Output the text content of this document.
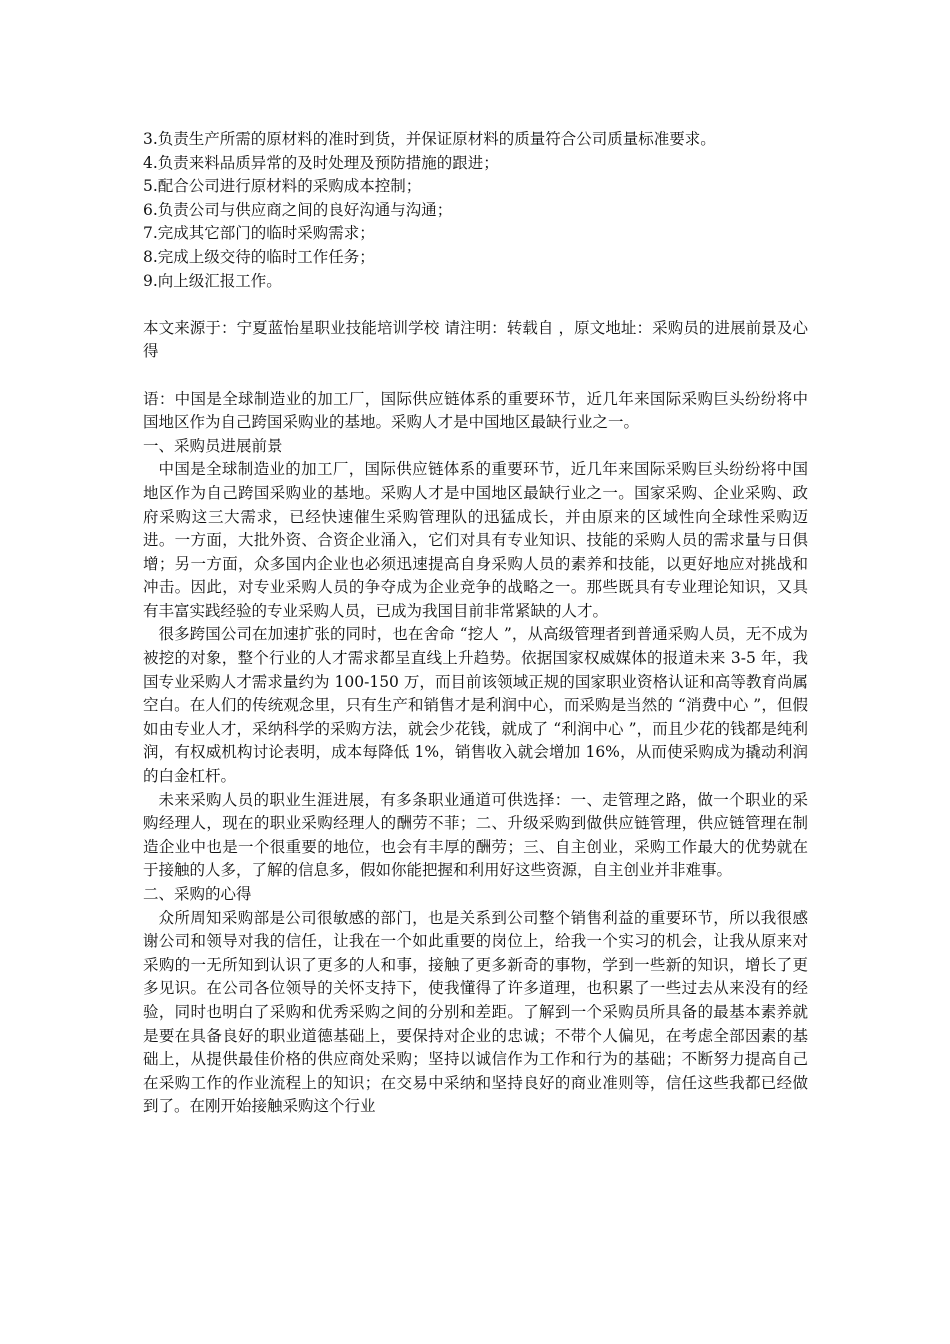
3.负责生产所需的原材料的准时到货，并保证原材料的质量符合公司质量标准要求。

4.负责来料品质异常的及时处理及预防措施的跟进；

5.配合公司进行原材料的采购成本控制；

6.负责公司与供应商之间的良好沟通与沟通；

7.完成其它部门的临时采购需求；

8.完成上级交待的临时工作任务；

9.向上级汇报工作。

本文来源于：宁夏蓝怡星职业技能培训学校 请注明：转载自 ，原文地址：采购员的进展前景及心得

语：中国是全球制造业的加工厂，国际供应链体系的重要环节，近几年来国际采购巨头纷纷将中国地区作为自己跨国采购业的基地。采购人才是中国地区最缺行业之一。

一、采购员进展前景

中国是全球制造业的加工厂，国际供应链体系的重要环节，近几年来国际采购巨头纷纷将中国地区作为自己跨国采购业的基地。采购人才是中国地区最缺行业之一。国家采购、企业采购、政府采购这三大需求，已经快速催生采购管理队的迅猛成长，并由原来的区域性向全球性采购迈进。一方面，大批外资、合资企业涌入，它们对具有专业知识、技能的采购人员的需求量与日俱增；另一方面，众多国内企业也必须迅速提高自身采购人员的素养和技能，以更好地应对挑战和冲击。因此，对专业采购人员的争夺成为企业竞争的战略之一。那些既具有专业理论知识，又具有丰富实践经验的专业采购人员，已成为我国目前非常紧缺的人才。

很多跨国公司在加速扩张的同时，也在舍命 “挖人 ”，从高级管理者到普通采购人员，无不成为被挖的对象，整个行业的人才需求都呈直线上升趋势。依据国家权威媒体的报道未来 3-5 年，我国专业采购人才需求量约为 100-150 万，而目前该领域正规的国家职业资格认证和高等教育尚属空白。在人们的传统观念里，只有生产和销售才是利润中心，而采购是当然的 “消费中心 ”，但假如由专业人才，采纳科学的采购方法，就会少花钱，就成了 “利润中心 ”，而且少花的钱都是纯利润，有权威机构讨论表明，成本每降低 1%，销售收入就会增加 16%，从而使采购成为撬动利润的白金杠杆。

未来采购人员的职业生涯进展，有多条职业通道可供选择：一、走管理之路，做一个职业的采购经理人，现在的职业采购经理人的酬劳不菲；二、升级采购到做供应链管理，供应链管理在制造企业中也是一个很重要的地位，也会有丰厚的酬劳；三、自主创业，采购工作最大的优势就在于接触的人多，了解的信息多，假如你能把握和利用好这些资源，自主创业并非难事。

二、采购的心得

众所周知采购部是公司很敏感的部门，也是关系到公司整个销售利益的重要环节，所以我很感谢公司和领导对我的信任，让我在一个如此重要的岗位上，给我一个实习的机会，让我从原来对采购的一无所知到认识了更多的人和事，接触了更多新奇的事物，学到一些新的知识，增长了更多见识。在公司各位领导的关怀支持下，使我懂得了许多道理，也积累了一些过去从来没有的经验，同时也明白了采购和优秀采购之间的分别和差距。了解到一个采购员所具备的最基本素养就是要在具备良好的职业道德基础上，要保持对企业的忠诚；不带个人偏见，在考虑全部因素的基础上，从提供最佳价格的供应商处采购；坚持以诚信作为工作和行为的基础；不断努力提高自己在采购工作的作业流程上的知识；在交易中采纳和坚持良好的商业准则等，信任这些我都已经做到了。在刚开始接触采购这个行业
